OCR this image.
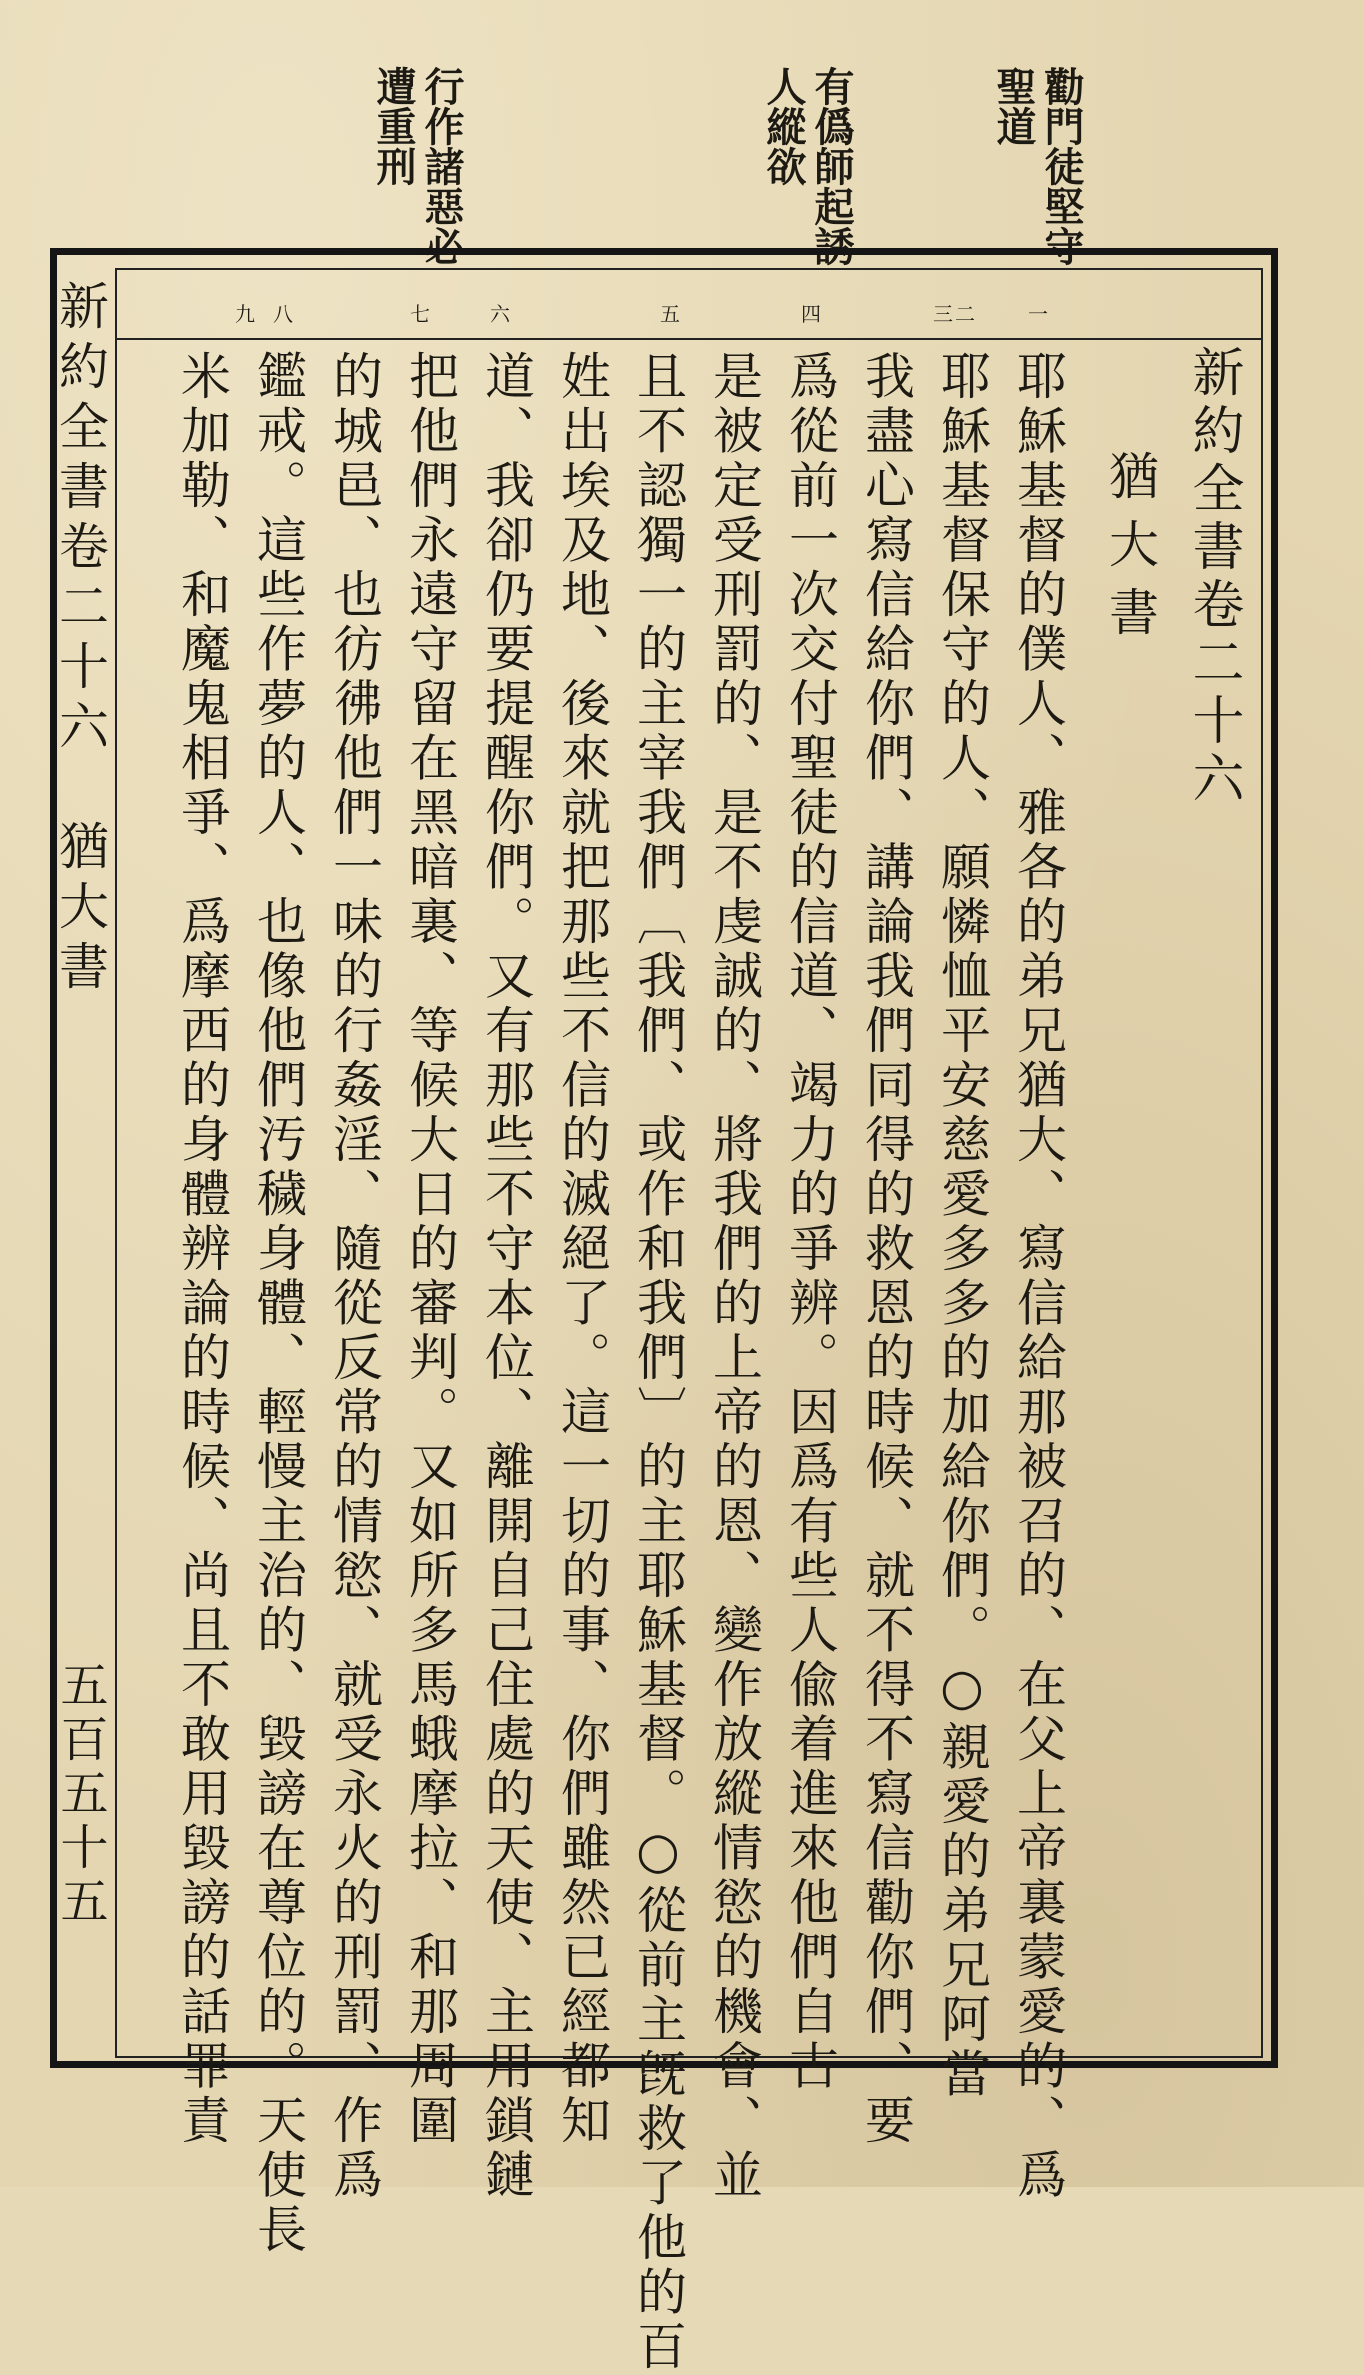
勸門徒堅守聖道
有僞師起誘人縱欲
行作諸惡必遭重刑
一
二
三
四
五
六
七
八
九
新約全書卷二十六
猶大書
耶穌基督的僕人、雅各的弟兄猶大、寫信給那被召的、在父上帝裏蒙愛的、爲
耶穌基督保守的人、願憐恤平安慈愛多多的加給你們。○親愛的弟兄阿當
我盡心寫信給你們、講論我們同得的救恩的時候、就不得不寫信勸你們、要
爲從前一次交付聖徒的信道、竭力的爭辨。因爲有些人偸着進來他們自古
是被定受刑罰的、是不虔誠的、將我們的上帝的恩、變作放縱情慾的機會、並
且不認獨一的主宰我們〔我們、或作和我們〕的主耶穌基督。○從前主旣救了他的百
姓出埃及地、後來就把那些不信的滅絕了。這一切的事、你們雖然已經都知
道、我卻仍要提醒你們。又有那些不守本位、離開自己住處的天使、主用鎖鏈
把他們永遠守留在黑暗裏、等候大日的審判。又如所多馬蛾摩拉、和那周圍
的城邑、也彷彿他們一味的行姦淫、隨從反常的情慾、就受永火的刑罰、作爲
鑑戒。這些作夢的人、也像他們汚穢身體、輕慢主治的、毀謗在尊位的。天使長
米加勒、和魔鬼相爭、爲摩西的身體辨論的時候、尚且不敢用毀謗的話罪責
新約全書卷二十六　猶大書
五百五十五
